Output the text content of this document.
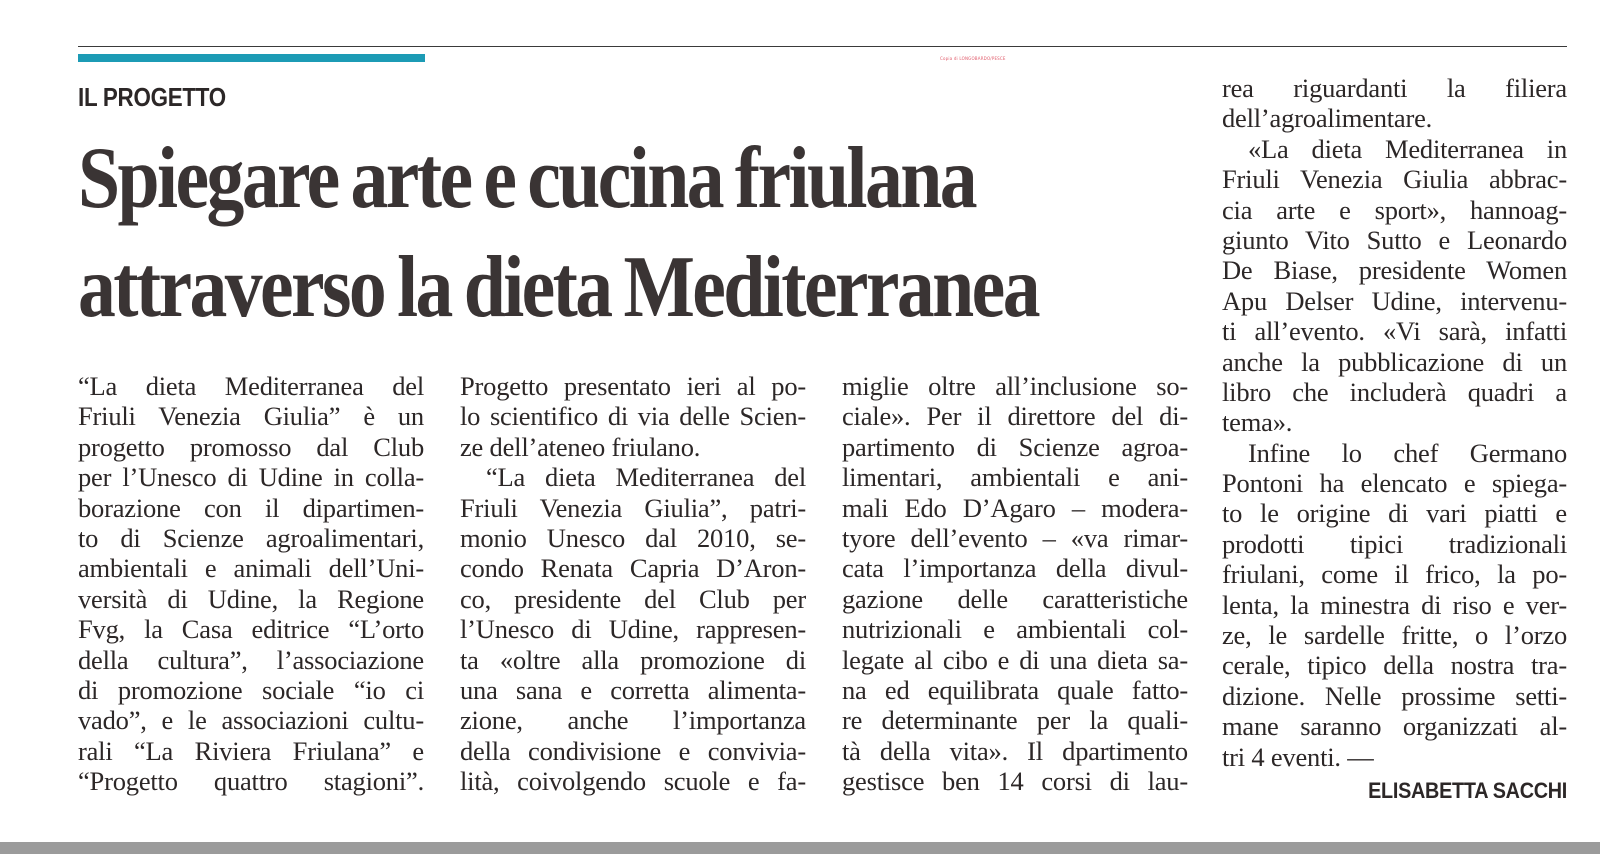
Copia di LONGOBARDO/PESCE
IL PROGETTO
Spiegare arte e cucina friulana
attraverso la dieta Mediterranea
“La dieta Mediterranea del
Friuli Venezia Giulia” è un
progetto promosso dal Club
per l’Unesco di Udine in colla-
borazione con il dipartimen-
to di Scienze agroalimentari,
ambientali e animali dell’Uni-
versità di Udine, la Regione
Fvg, la Casa editrice “L’orto
della cultura”, l’associazione
di promozione sociale “io ci
vado”, e le associazioni cultu-
rali “La Riviera Friulana” e
“Progetto quattro stagioni”.
Progetto presentato ieri al po-
lo scientifico di via delle Scien-
ze dell’ateneo friulano.
“La dieta Mediterranea del
Friuli Venezia Giulia”, patri-
monio Unesco dal 2010, se-
condo Renata Capria D’Aron-
co, presidente del Club per
l’Unesco di Udine, rappresen-
ta «oltre alla promozione di
una sana e corretta alimenta-
zione, anche l’importanza
della condivisione e convivia-
lità, coivolgendo scuole e fa-
miglie oltre all’inclusione so-
ciale». Per il direttore del di-
partimento di Scienze agroa-
limentari, ambientali e ani-
mali Edo D’Agaro – modera-
tyore dell’evento – «va rimar-
cata l’importanza della divul-
gazione delle caratteristiche
nutrizionali e ambientali col-
legate al cibo e di una dieta sa-
na ed equilibrata quale fatto-
re determinante per la quali-
tà della vita». Il dpartimento
gestisce ben 14 corsi di lau-
rea riguardanti la filiera
dell’agroalimentare.
«La dieta Mediterranea in
Friuli Venezia Giulia abbrac-
cia arte e sport», hannoag-
giunto Vito Sutto e Leonardo
De Biase, presidente Women
Apu Delser Udine, intervenu-
ti all’evento. «Vi sarà, infatti
anche la pubblicazione di un
libro che includerà quadri a
tema».
Infine lo chef Germano
Pontoni ha elencato e spiega-
to le origine di vari piatti e
prodotti tipici tradizionali
friulani, come il frico, la po-
lenta, la minestra di riso e ver-
ze, le sardelle fritte, o l’orzo
cerale, tipico della nostra tra-
dizione. Nelle prossime setti-
mane saranno organizzati al-
tri 4 eventi. —

ELISABETTA SACCHI
